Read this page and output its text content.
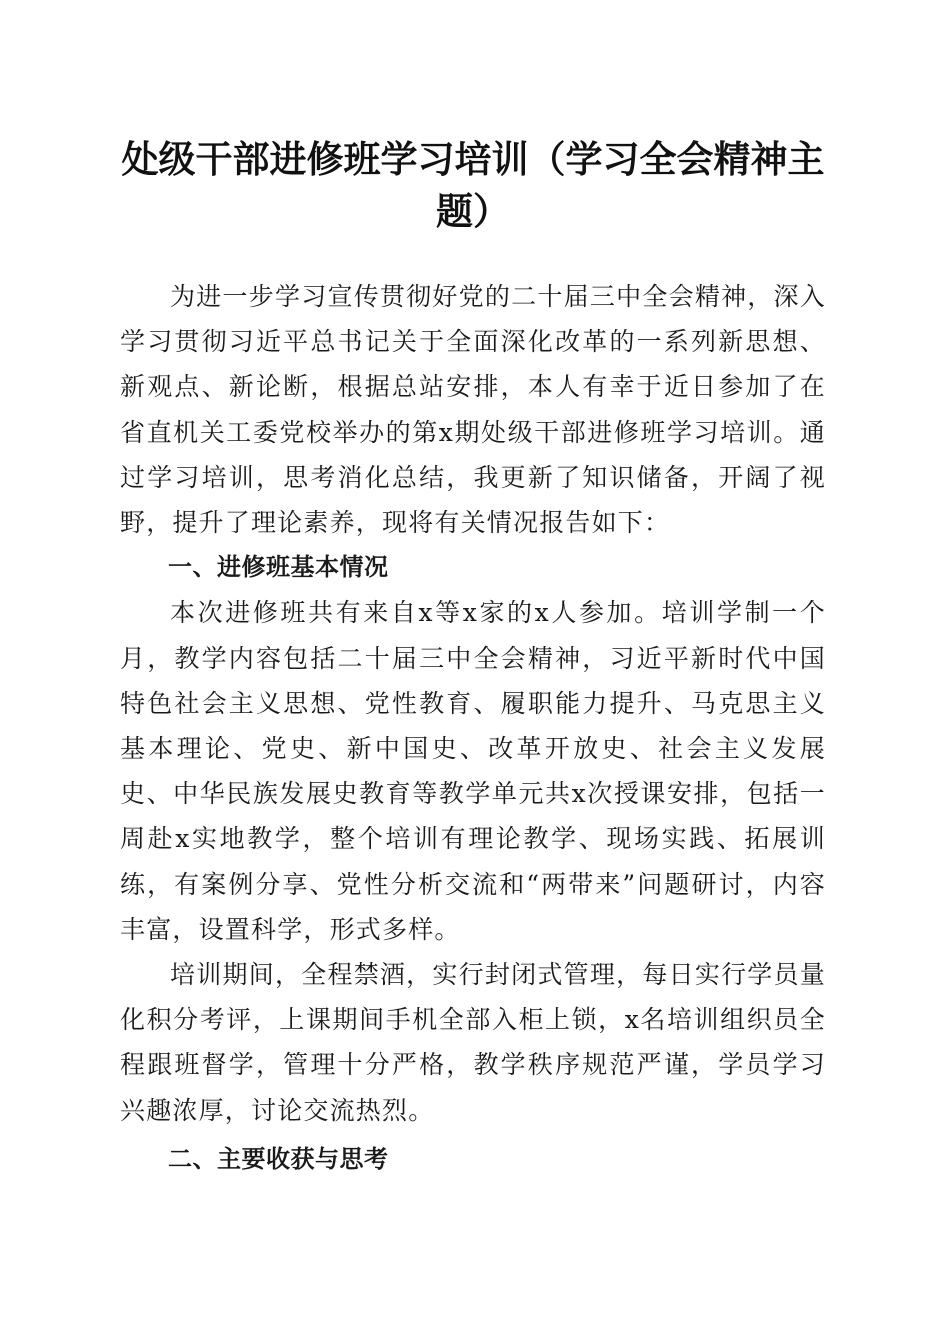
处级干部进修班学习培训（学习全会精神主题）

为进一步学习宣传贯彻好党的二十届三中全会精神，深入学习贯彻习近平总书记关于全面深化改革的一系列新思想、新观点、新论断，根据总站安排，本人有幸于近日参加了在省直机关工委党校举办的第x期处级干部进修班学习培训。通过学习培训，思考消化总结，我更新了知识储备，开阔了视野，提升了理论素养，现将有关情况报告如下：

一、进修班基本情况

本次进修班共有来自x等x家的x人参加。培训学制一个月，教学内容包括二十届三中全会精神，习近平新时代中国特色社会主义思想、党性教育、履职能力提升、马克思主义基本理论、党史、新中国史、改革开放史、社会主义发展史、中华民族发展史教育等教学单元共x次授课安排，包括一周赴x实地教学，整个培训有理论教学、现场实践、拓展训练，有案例分享、党性分析交流和“两带来”问题研讨，内容丰富，设置科学，形式多样。

培训期间，全程禁酒，实行封闭式管理，每日实行学员量化积分考评，上课期间手机全部入柜上锁，x名培训组织员全程跟班督学，管理十分严格，教学秩序规范严谨，学员学习兴趣浓厚，讨论交流热烈。

二、主要收获与思考
